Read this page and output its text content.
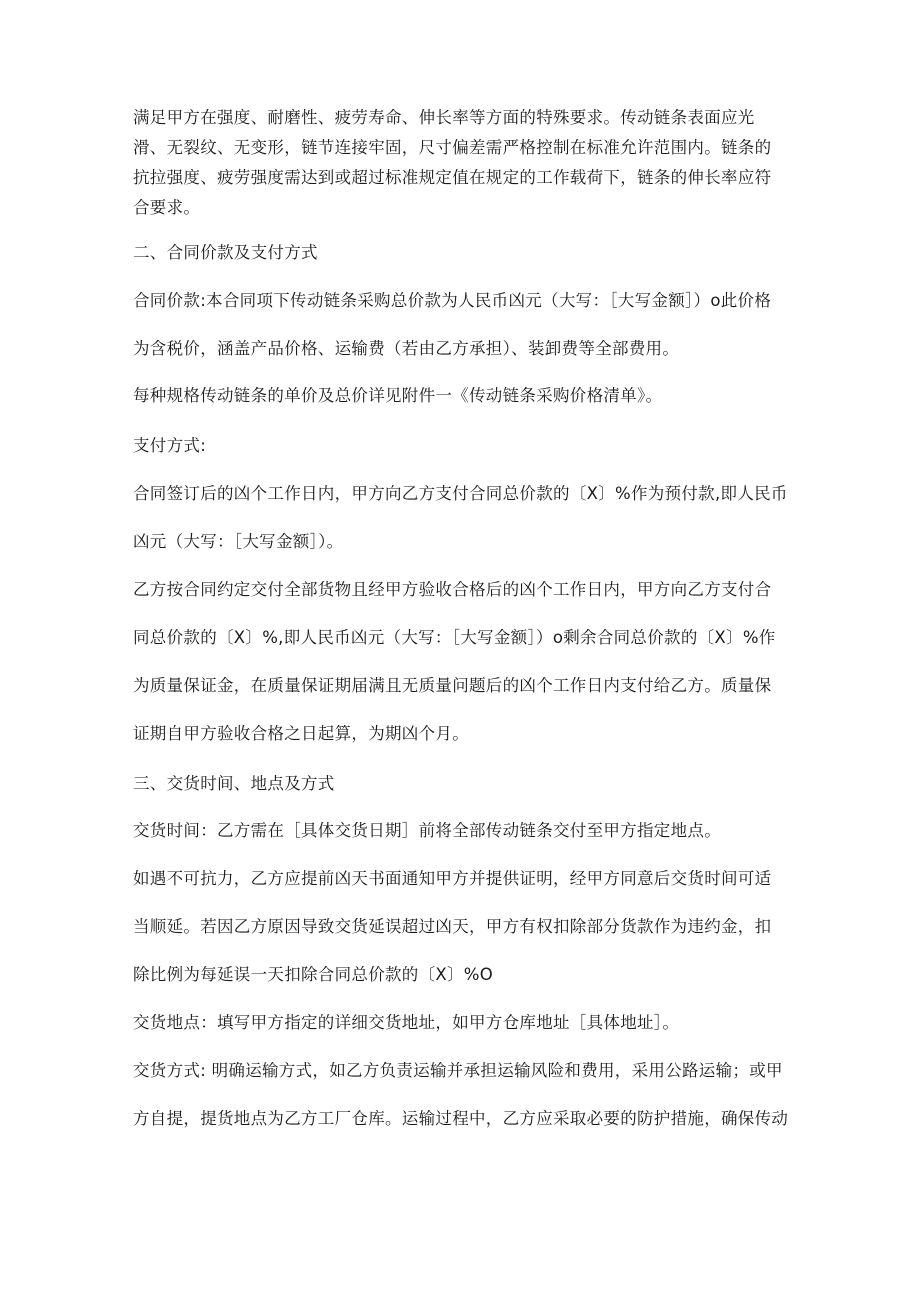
满足甲方在强度、耐磨性、疲劳寿命、伸长率等方面的特殊要求。传动链条表面应光
滑、无裂纹、无变形，链节连接牢固，尺寸偏差需严格控制在标准允许范围内。链条的
抗拉强度、疲劳强度需达到或超过标准规定值在规定的工作载荷下，链条的伸长率应符
合要求。
二、合同价款及支付方式
合同价款:本合同项下传动链条采购总价款为人民币凶元（大写：［大写金额］）o此价格
为含税价，涵盖产品价格、运输费（若由乙方承担）、装卸费等全部费用。
每种规格传动链条的单价及总价详见附件一《传动链条采购价格清单》。
支付方式:
合同签订后的凶个工作日内，甲方向乙方支付合同总价款的〔X〕%作为预付款,即人民币
凶元（大写：［大写金额］）。
乙方按合同约定交付全部货物且经甲方验收合格后的凶个工作日内，甲方向乙方支付合
同总价款的〔X〕%,即人民币凶元（大写：［大写金额］）o剩余合同总价款的〔X〕%作
为质量保证金，在质量保证期届满且无质量问题后的凶个工作日内支付给乙方。质量保
证期自甲方验收合格之日起算，为期凶个月。
三、交货时间、地点及方式
交货时间：乙方需在［具体交货日期］前将全部传动链条交付至甲方指定地点。
如遇不可抗力，乙方应提前凶天书面通知甲方并提供证明，经甲方同意后交货时间可适
当顺延。若因乙方原因导致交货延误超过凶天，甲方有权扣除部分货款作为违约金，扣
除比例为每延误一天扣除合同总价款的〔X〕%O
交货地点：填写甲方指定的详细交货地址，如甲方仓库地址［具体地址］。
交货方式: 明确运输方式，如乙方负责运输并承担运输风险和费用，采用公路运输；或甲
方自提，提货地点为乙方工厂仓库。运输过程中，乙方应采取必要的防护措施，确保传动
